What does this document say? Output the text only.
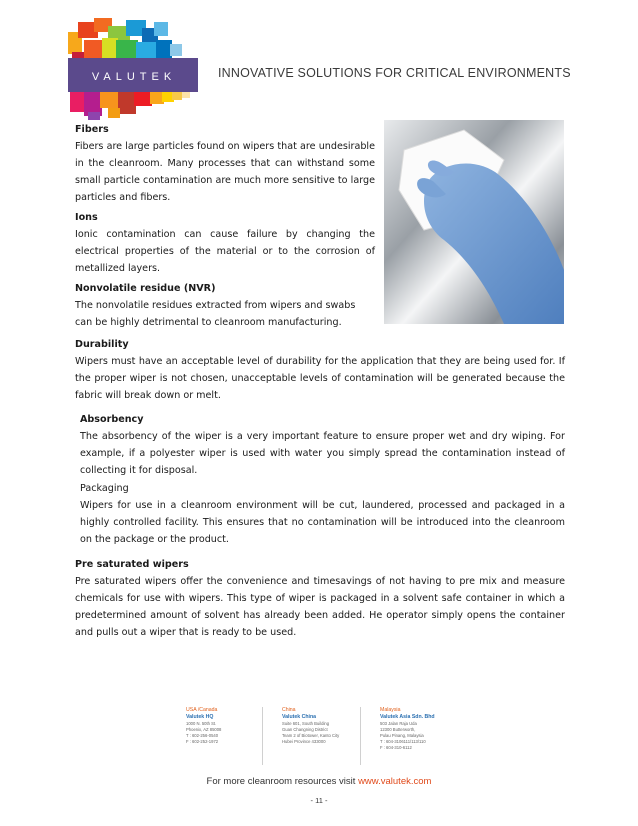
VALUTEK	INNOVATIVE SOLUTIONS FOR CRITICAL ENVIRONMENTS
Fibers

Fibers are large particles found on wipers that are undesirable in the cleanroom. Many processes that can withstand some small particle contamination are much more sensitive to large particles and fibers.

Ions

Ionic contamination can cause failure by changing the electrical properties of the material or to the corrosion of metallized layers.

Nonvolatile residue (NVR)

The nonvolatile residues extracted from wipers and swabs can be highly detrimental to cleanroom manufacturing.

Durability

Wipers must have an acceptable level of durability for the application that they are being used for. If the proper wiper is not chosen, unacceptable levels of contamination will be generated because the fabric will break down or melt.

Absorbency

The absorbency of the wiper is a very important feature to ensure proper wet and dry wiping. For example, if a polyester wiper is used with water you simply spread the contamination instead of collecting it for disposal.

Packaging

Wipers for use in a cleanroom environment will be cut, laundered, processed and packaged in a highly controlled facility. This ensures that no contamination will be introduced into the cleanroom on the package or the product.

Pre saturated wipers

Pre saturated wipers offer the convenience and timesavings of not having to pre mix and measure chemicals for use with wipers. This type of wiper is packaged in a solvent safe container in which a predetermined amount of solvent has already been added. He operator simply opens the container and pulls out a wiper that is ready to be used.

USA /Canada
Valutek HQ
1000 N. 50th St.
Phoenix, AZ 85008
T : 602-256-0540
F : 602-252-1972
China
Valutek China
Suite 601, South Building
Guan Changning District
Team 2 of Biotower, Kanto City
Hubei Province 433000
Malaysia
Valutek Asia Sdn. Bhd
503 Jalan Raja Uda
12300 Butterworth,
Pulau Pinang, Malaysia
T : 604-3106111/113/110
F : 604-310-6112
For more cleanroom resources visit www.valutek.com
- 11 -
